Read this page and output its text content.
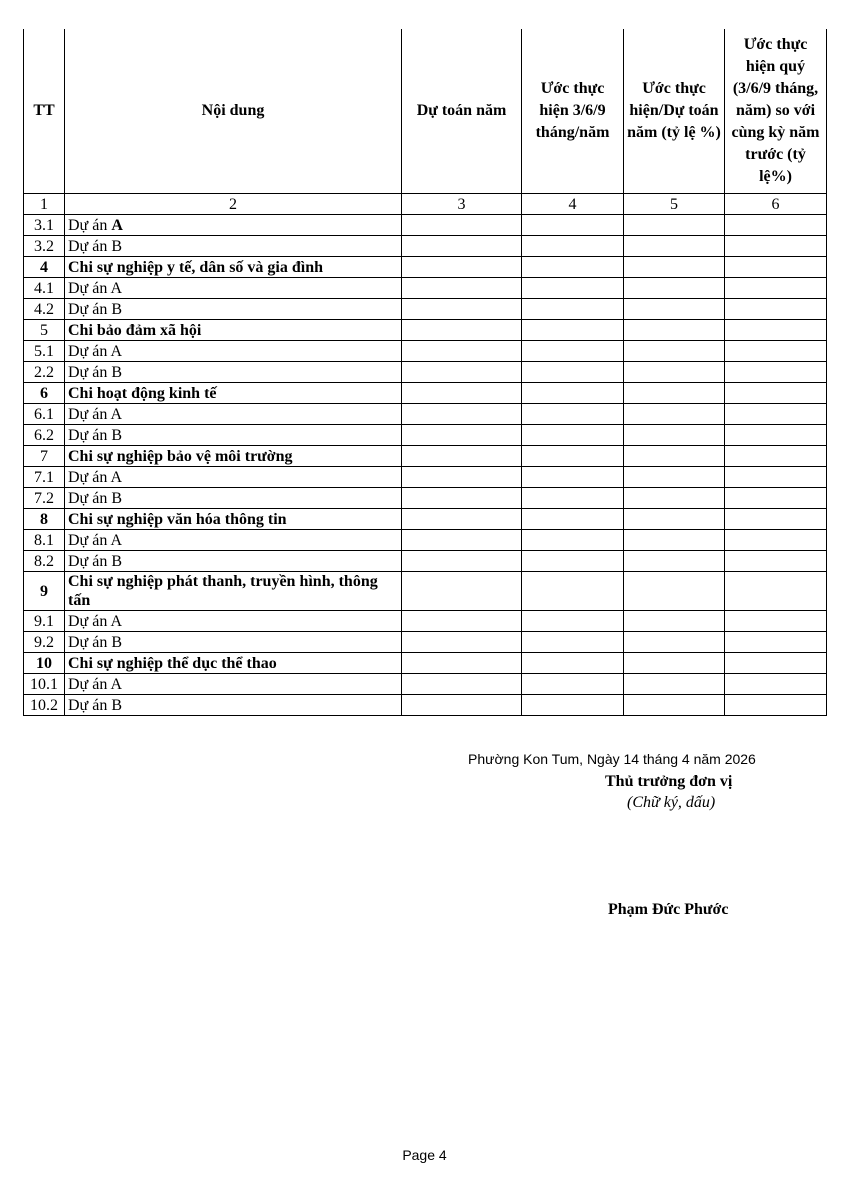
TT	Nội dung	Dự toán năm	Ước thực hiện 3/6/9 tháng/năm	Ước thực hiện/Dự toán năm (tỷ lệ %)	Ước thực hiện quý (3/6/9 tháng, năm) so với cùng kỳ năm trước (tỷ lệ%)
1	2	3	4	5	6
3.1	Dự án A				
3.2	Dự án B				
4	Chi sự nghiệp y tế, dân số và gia đình				
4.1	Dự án A				
4.2	Dự án B				
5	Chi bảo đảm xã hội				
5.1	Dự án A				
2.2	Dự án B				
6	Chi hoạt động kinh tế				
6.1	Dự án A				
6.2	Dự án B				
7	Chi sự nghiệp bảo vệ môi trường				
7.1	Dự án A				
7.2	Dự án B				
8	Chi sự nghiệp văn hóa thông tin				
8.1	Dự án A				
8.2	Dự án B				
9	Chi sự nghiệp phát thanh, truyền hình, thông tấn				
9.1	Dự án A				
9.2	Dự án B				
10	Chi sự nghiệp thể dục thể thao				
10.1	Dự án A				
10.2	Dự án B				
Phường Kon Tum, Ngày 14 tháng 4 năm 2026
Thủ trưởng đơn vị
(Chữ ký, dấu)
Phạm Đức Phước
Page 4
